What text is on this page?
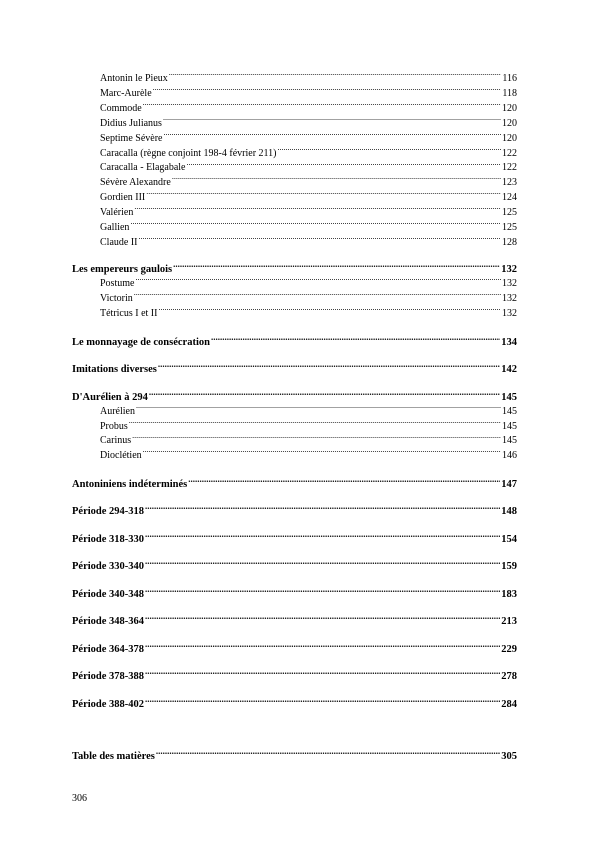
Antonin le Pieux .....	116
Marc-Aurèle .....	118
Commode .....	120
Didius Julianus .....	120
Septime Sévère .....	120
Caracalla (règne conjoint 198-4 février 211) .....	122
Caracalla - Elagabale .....	122
Sévère Alexandre .....	123
Gordien III .....	124
Valérien .....	125
Gallien .....	125
Claude II .....	128
Les empereurs gaulois .....	132
Postume .....	132
Victorin .....	132
Tétricus I et II .....	132
Le monnayage de consécration .....	134
Imitations diverses .....	142
D'Aurélien à 294 .....	145
Aurélien .....	145
Probus .....	145
Carinus .....	145
Dioclétien .....	146
Antoniniens indéterminés .....	147
Période 294-318 .....	148
Période 318-330 .....	154
Période 330-340 .....	159
Période 340-348 .....	183
Période 348-364 .....	213
Période 364-378 .....	229
Période 378-388 .....	278
Période 388-402 .....	284
Table des matières .....	305
306
